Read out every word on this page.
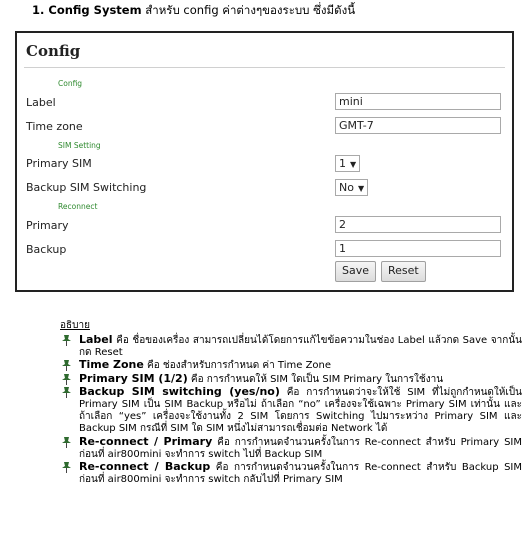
1. Config System สำหรับ config ค่าต่างๆของระบบ ซึ่งมีดังนี้
Config
Config
Label	mini
Time zone	GMT-7
SIM Setting
Primary SIM	1 ▼
Backup SIM Switching	No ▼
Reconnect
Primary	2
Backup	1
Save	Reset
อธิบาย
Label คือ ชื่อของเครื่อง สามารถเปลี่ยนได้โดยการแก้ไขข้อความในช่อง Label แล้วกด Save จากนั้นกด Reset
Time Zone คือ ช่องสำหรับการกำหนด ค่า Time Zone
Primary SIM (1/2) คือ การกำหนดให้ SIM ใดเป็น SIM Primary ในการใช้งาน
Backup SIM switching (yes/no) คือ การกำหนดว่าจะให้ใช้ SIM ที่ไม่ถูกกำหนดให้เป็น Primary SIM เป็น SIM Backup หรือไม่ ถ้าเลือก “no” เครื่องจะใช้เฉพาะ Primary SIM เท่านั้น และถ้าเลือก “yes” เครื่องจะใช้งานทั้ง 2 SIM โดยการ Switching ไปมาระหว่าง Primary SIM และ Backup SIM กรณีที่ SIM ใด SIM หนึ่งไม่สามารถเชื่อมต่อ Network ได้
Re-connect / Primary คือ การกำหนดจำนวนครั้งในการ Re-connect สำหรับ Primary SIM ก่อนที่ air800mini จะทำการ switch ไปที่ Backup SIM
Re-connect / Backup คือ การกำหนดจำนวนครั้งในการ Re-connect สำหรับ Backup SIM ก่อนที่ air800mini จะทำการ switch กลับไปที่ Primary SIM
